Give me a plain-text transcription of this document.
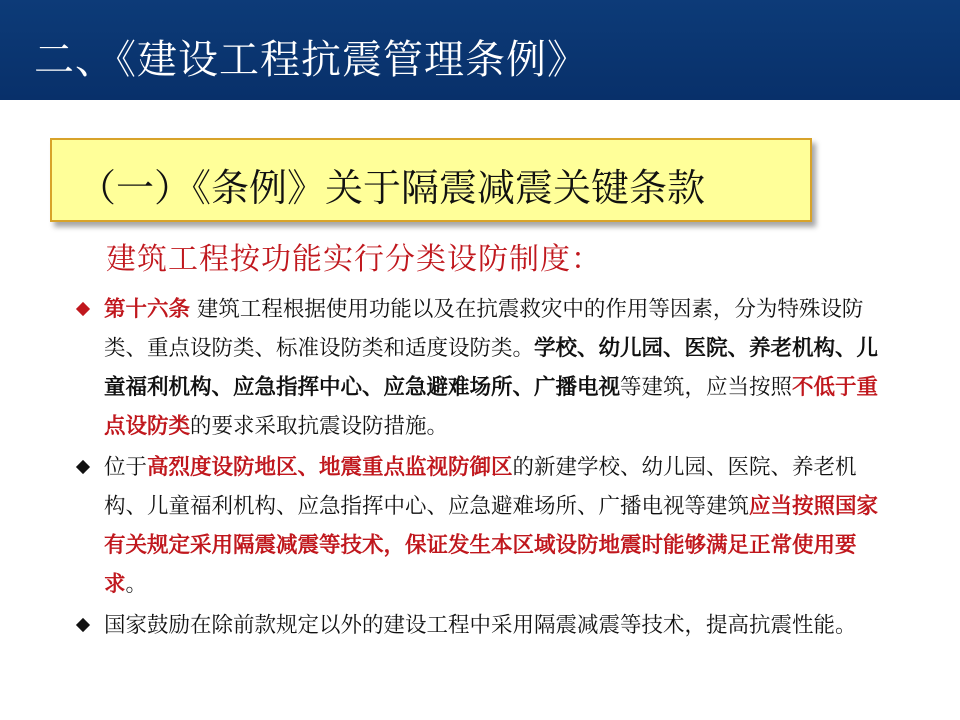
二、《建设工程抗震管理条例》
（一）《条例》关于隔震减震关键条款
建筑工程按功能实行分类设防制度：
第十六条 建筑工程根据使用功能以及在抗震救灾中的作用等因素，分为特殊设防类、重点设防类、标准设防类和适度设防类。学校、幼儿园、医院、养老机构、儿童福利机构、应急指挥中心、应急避难场所、广播电视等建筑，应当按照不低于重点设防类的要求采取抗震设防措施。
位于高烈度设防地区、地震重点监视防御区的新建学校、幼儿园、医院、养老机构、儿童福利机构、应急指挥中心、应急避难场所、广播电视等建筑应当按照国家有关规定采用隔震减震等技术，保证发生本区域设防地震时能够满足正常使用要求。
国家鼓励在除前款规定以外的建设工程中采用隔震减震等技术，提高抗震性能。
